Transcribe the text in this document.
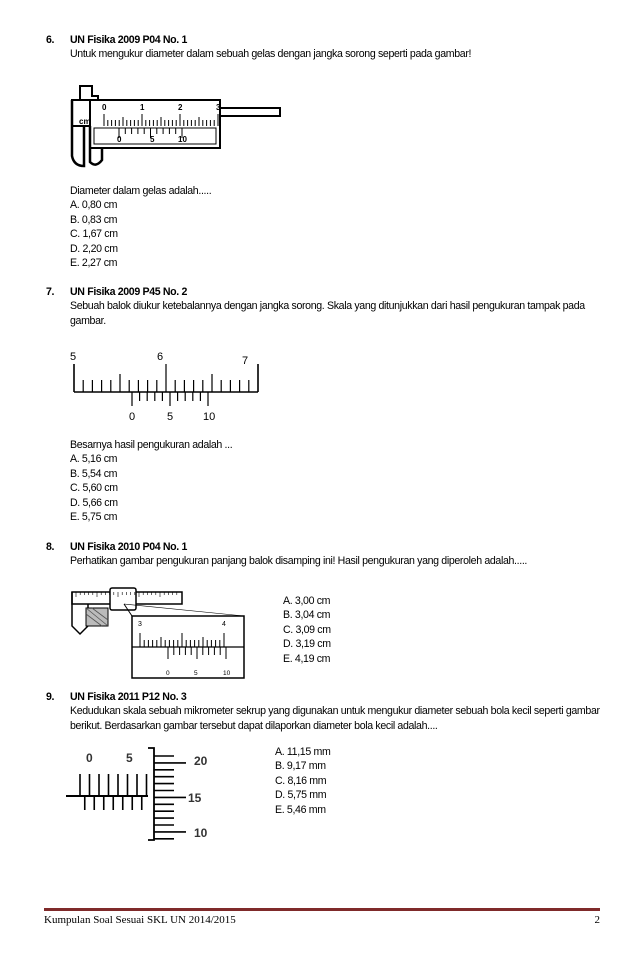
6. UN Fisika 2009 P04 No. 1
Untuk mengukur diameter dalam sebuah gelas dengan jangka sorong seperti pada gambar!
cm
0	1	2	3
0	5	10
Diameter dalam gelas adalah.....
A. 0,80 cm
B. 0,83 cm
C. 1,67 cm
D. 2,20 cm
E. 2,27 cm
7. UN Fisika 2009 P45 No. 2
Sebuah balok diukur ketebalannya dengan jangka sorong. Skala yang ditunjukkan dari hasil pengukuran tampak pada gambar.
5	6	7
0	5	10
Besarnya hasil pengukuran adalah ...
A. 5,16 cm
B. 5,54 cm
C. 5,60 cm
D. 5,66 cm
E. 5,75 cm
8. UN Fisika 2010 P04 No. 1
Perhatikan gambar pengukuran panjang balok disamping ini! Hasil pengukuran yang diperoleh adalah.....
3	4
0	5	10
A. 3,00 cm
B. 3,04 cm
C. 3,09 cm
D. 3,19 cm
E. 4,19 cm
9. UN Fisika 2011 P12 No. 3
Kedudukan skala sebuah mikrometer sekrup yang digunakan untuk mengukur diameter sebuah bola kecil seperti gambar berikut. Berdasarkan gambar tersebut dapat dilaporkan diameter bola kecil adalah....
0	5	20
15
10
A. 11,15 mm
B. 9,17 mm
C. 8,16 mm
D. 5,75 mm
E. 5,46 mm
Kumpulan Soal Sesuai SKL UN 2014/2015	2
